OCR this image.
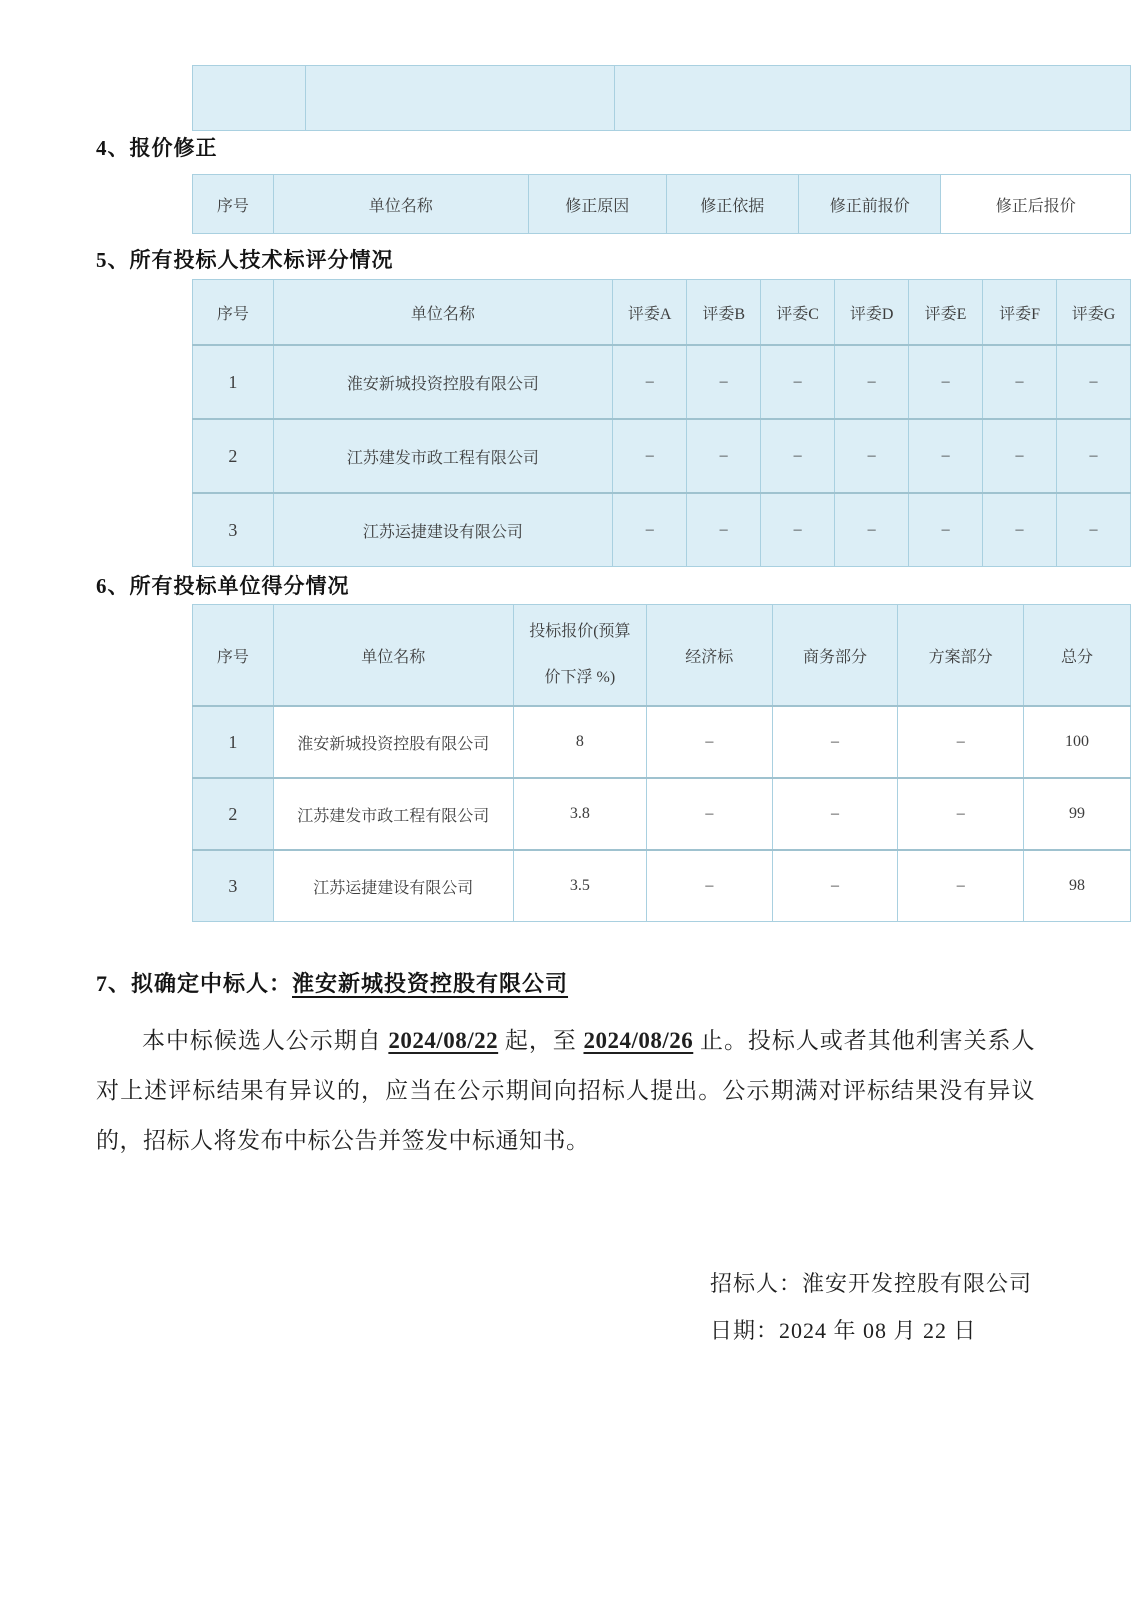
4、报价修正
序号	单位名称	修正原因	修正依据	修正前报价	修正后报价
5、所有投标人技术标评分情况
序号	单位名称	评委A	评委B	评委C	评委D	评委E	评委F	评委G
1	淮安新城投资控股有限公司	–	–	–	–	–	–	–
2	江苏建发市政工程有限公司	–	–	–	–	–	–	–
3	江苏运捷建设有限公司	–	–	–	–	–	–	–
6、所有投标单位得分情况
序号	单位名称	投标报价(预算价下浮 %)	经济标	商务部分	方案部分	总分
1	淮安新城投资控股有限公司	8	–	–	–	100
2	江苏建发市政工程有限公司	3.8	–	–	–	99
3	江苏运捷建设有限公司	3.5	–	–	–	98
7、拟确定中标人：淮安新城投资控股有限公司
本中标候选人公示期自 2024/08/22 起，至 2024/08/26 止。投标人或者其他利害关系人对上述评标结果有异议的，应当在公示期间向招标人提出。公示期满对评标结果没有异议的，招标人将发布中标公告并签发中标通知书。
招标人：淮安开发控股有限公司
日期：2024 年 08 月 22 日
